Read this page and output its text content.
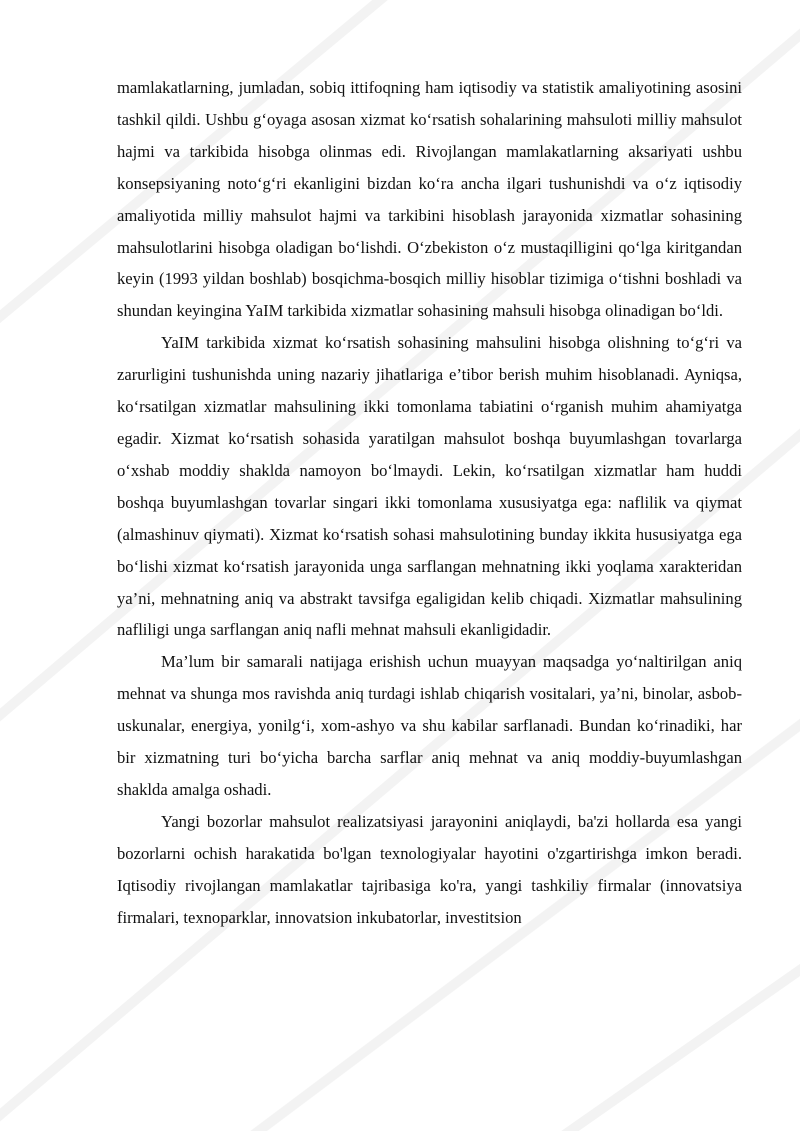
mamlakatlarning, jumladan, sobiq ittifoqning ham iqtisodiy va statistik amaliyotining asosini tashkil qildi. Ushbu g‘oyaga asosan xizmat ko‘rsatish sohalarining mahsuloti milliy mahsulot hajmi va tarkibida hisobga olinmas edi. Rivojlangan mamlakatlarning aksariyati ushbu konsepsiyaning noto‘g‘ri ekanligini bizdan ko‘ra ancha ilgari tushunishdi va o‘z iqtisodiy amaliyotida milliy mahsulot hajmi va tarkibini hisoblash jarayonida xizmatlar sohasining mahsulotlarini hisobga oladigan bo‘lishdi. O‘zbekiston o‘z mustaqilligini qo‘lga kiritgandan keyin (1993 yildan boshlab) bosqichma-bosqich milliy hisoblar tizimiga o‘tishni boshladi va shundan keyingina YaIM tarkibida xizmatlar sohasining mahsuli hisobga olinadigan bo‘ldi.

YaIM tarkibida xizmat ko‘rsatish sohasining mahsulini hisobga olishning to‘g‘ri va zarurligini tushunishda uning nazariy jihatlariga e’tibor berish muhim hisoblanadi. Ayniqsa, ko‘rsatilgan xizmatlar mahsulining ikki tomonlama tabiatini o‘rganish muhim ahamiyatga egadir. Xizmat ko‘rsatish sohasida yaratilgan mahsulot boshqa buyumlashgan tovarlarga o‘xshab moddiy shaklda namoyon bo‘lmaydi. Lekin, ko‘rsatilgan xizmatlar ham huddi boshqa buyumlashgan tovarlar singari ikki tomonlama xususiyatga ega: naflilik va qiymat (almashinuv qiymati). Xizmat ko‘rsatish sohasi mahsulotining bunday ikkita hususiyatga ega bo‘lishi xizmat ko‘rsatish jarayonida unga sarflangan mehnatning ikki yoqlama xarakteridan ya’ni, mehnatning aniq va abstrakt tavsifga egaligidan kelib chiqadi. Xizmatlar mahsulining nafliligi unga sarflangan aniq nafli mehnat mahsuli ekanligidadir.

Ma’lum bir samarali natijaga erishish uchun muayyan maqsadga yo‘naltirilgan aniq mehnat va shunga mos ravishda aniq turdagi ishlab chiqarish vositalari, ya’ni, binolar, asbob-uskunalar, energiya, yonilg‘i, xom-ashyo va shu kabilar sarflanadi. Bundan ko‘rinadiki, har bir xizmatning turi bo‘yicha barcha sarflar aniq mehnat va aniq moddiy-buyumlashgan shaklda amalga oshadi.

Yangi bozorlar mahsulot realizatsiyasi jarayonini aniqlaydi, ba'zi hollarda esa yangi bozorlarni ochish harakatida bo'lgan texnologiyalar hayotini o'zgartirishga imkon beradi. Iqtisodiy rivojlangan mamlakatlar tajribasiga ko'ra, yangi tashkiliy firmalar (innovatsiya firmalari, texnoparklar, innovatsion inkubatorlar, investitsion
